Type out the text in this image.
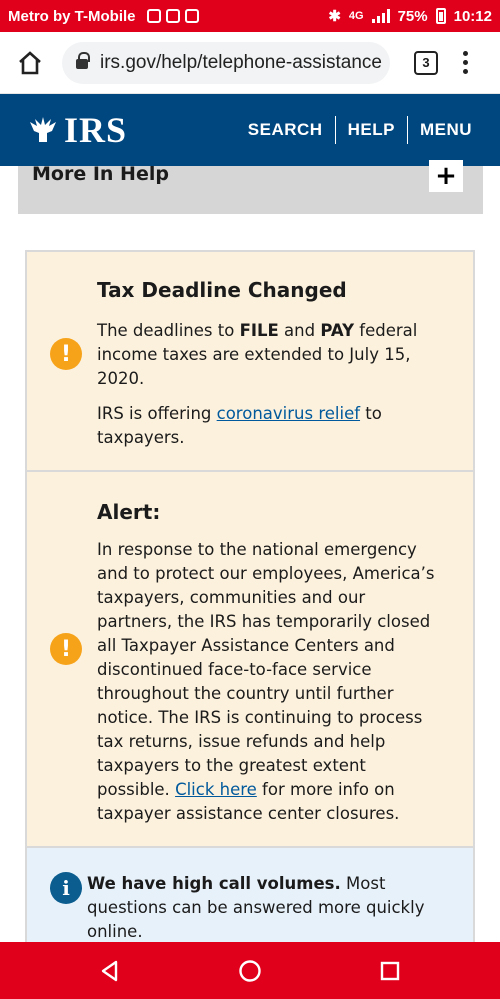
Metro by T-Mobile	✱ 4G 75% 10:12
irs.gov/help/telephone-assistance	3
IRS	SEARCH	HELP	MENU
More In Help	+
Tax Deadline Changed
!

The deadlines to FILE and PAY federal income taxes are extended to July 15, 2020.

IRS is offering coronavirus relief to taxpayers.

Alert:
!

In response to the national emergency and to protect our employees, America’s taxpayers, communities and our partners, the IRS has temporarily closed all Taxpayer Assistance Centers and discontinued face-to-face service throughout the country until further notice. The IRS is continuing to process tax returns, issue refunds and help taxpayers to the greatest extent possible. Click here for more info on taxpayer assistance center closures.

i	We have high call volumes. Most questions can be answered more quickly online.
